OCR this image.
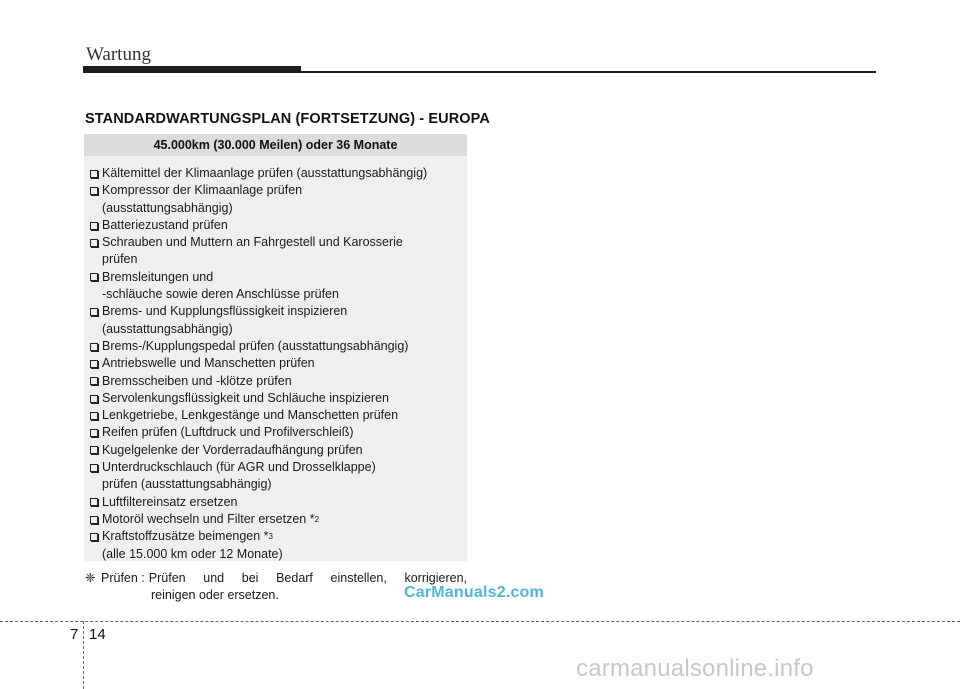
Wartung
STANDARDWARTUNGSPLAN (FORTSETZUNG) - EUROPA
45.000km (30.000 Meilen) oder 36 Monate
Kältemittel der Klimaanlage prüfen (ausstattungsabhängig)
Kompressor der Klimaanlage prüfen
(ausstattungsabhängig)
Batteriezustand prüfen
Schrauben und Muttern an Fahrgestell und Karosserie
prüfen
Bremsleitungen und
-schläuche sowie deren Anschlüsse prüfen
Brems- und Kupplungsflüssigkeit inspizieren
(ausstattungsabhängig)
Brems-/Kupplungspedal prüfen (ausstattungsabhängig)
Antriebswelle und Manschetten prüfen
Bremsscheiben und -klötze prüfen
Servolenkungsflüssigkeit und Schläuche inspizieren
Lenkgetriebe, Lenkgestänge und Manschetten prüfen
Reifen prüfen (Luftdruck und Profilverschleiß)
Kugelgelenke der Vorderradaufhängung prüfen
Unterdruckschlauch (für AGR und Drosselklappe)
prüfen (ausstattungsabhängig)
Luftfiltereinsatz ersetzen
Motoröl wechseln und Filter ersetzen * 2
Kraftstoffzusätze beimengen * 3
(alle 15.000 km oder 12 Monate)
❈ Prüfen : Prüfen und bei Bedarf einstellen, korrigieren,
reinigen oder ersetzen.	CarManuals2.com
7 14
carmanualsonline.info
